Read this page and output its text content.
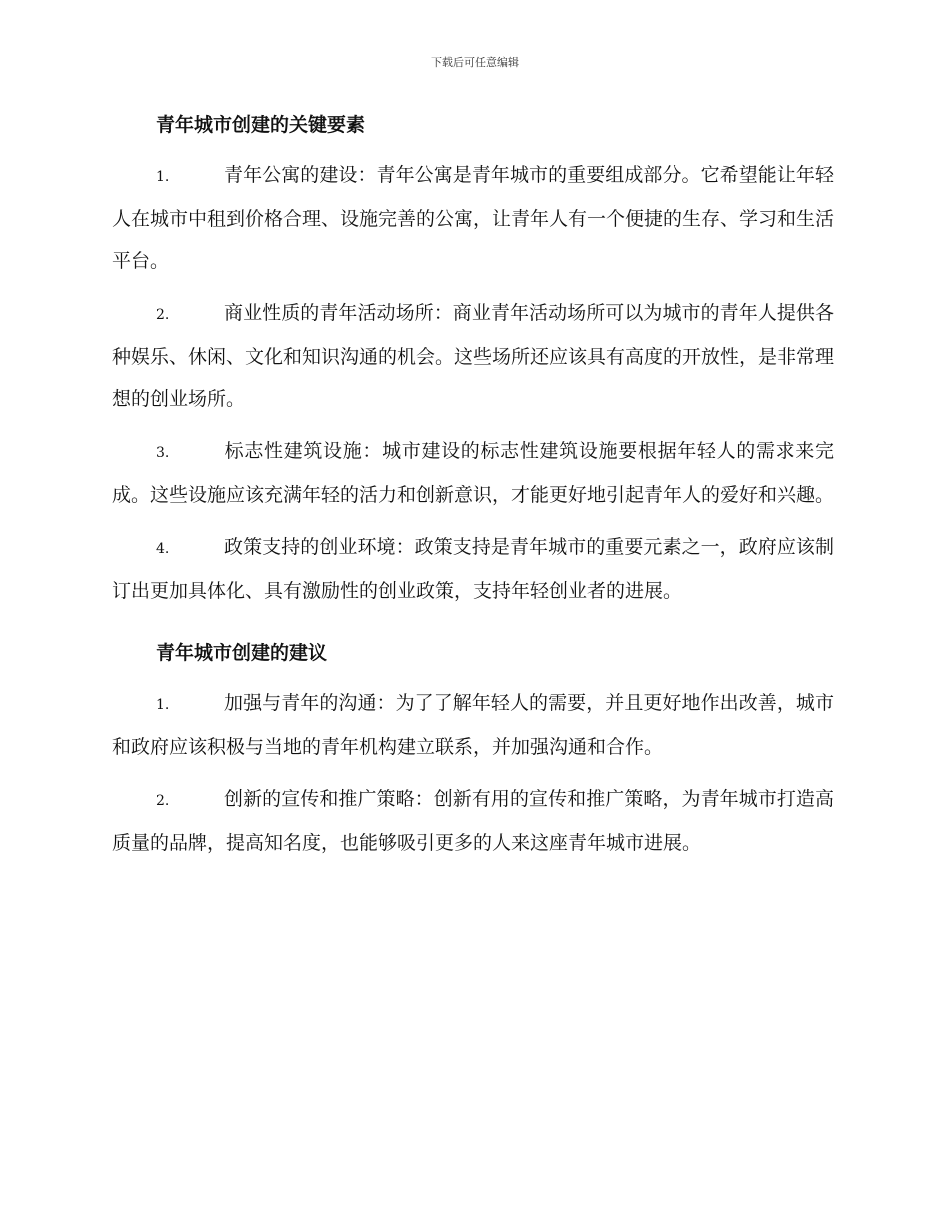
下载后可任意编辑
青年城市创建的关键要素

1.	青年公寓的建设：青年公寓是青年城市的重要组成部分。它希望能让年轻人在城市中租到价格合理、设施完善的公寓，让青年人有一个便捷的生存、学习和生活平台。

2.	商业性质的青年活动场所：商业青年活动场所可以为城市的青年人提供各种娱乐、休闲、文化和知识沟通的机会。这些场所还应该具有高度的开放性，是非常理想的创业场所。

3.	标志性建筑设施：城市建设的标志性建筑设施要根据年轻人的需求来完成。这些设施应该充满年轻的活力和创新意识，才能更好地引起青年人的爱好和兴趣。

4.	政策支持的创业环境：政策支持是青年城市的重要元素之一，政府应该制订出更加具体化、具有激励性的创业政策，支持年轻创业者的进展。

青年城市创建的建议

1.	加强与青年的沟通：为了了解年轻人的需要，并且更好地作出改善，城市和政府应该积极与当地的青年机构建立联系，并加强沟通和合作。

2.	创新的宣传和推广策略：创新有用的宣传和推广策略，为青年城市打造高质量的品牌，提高知名度，也能够吸引更多的人来这座青年城市进展。
